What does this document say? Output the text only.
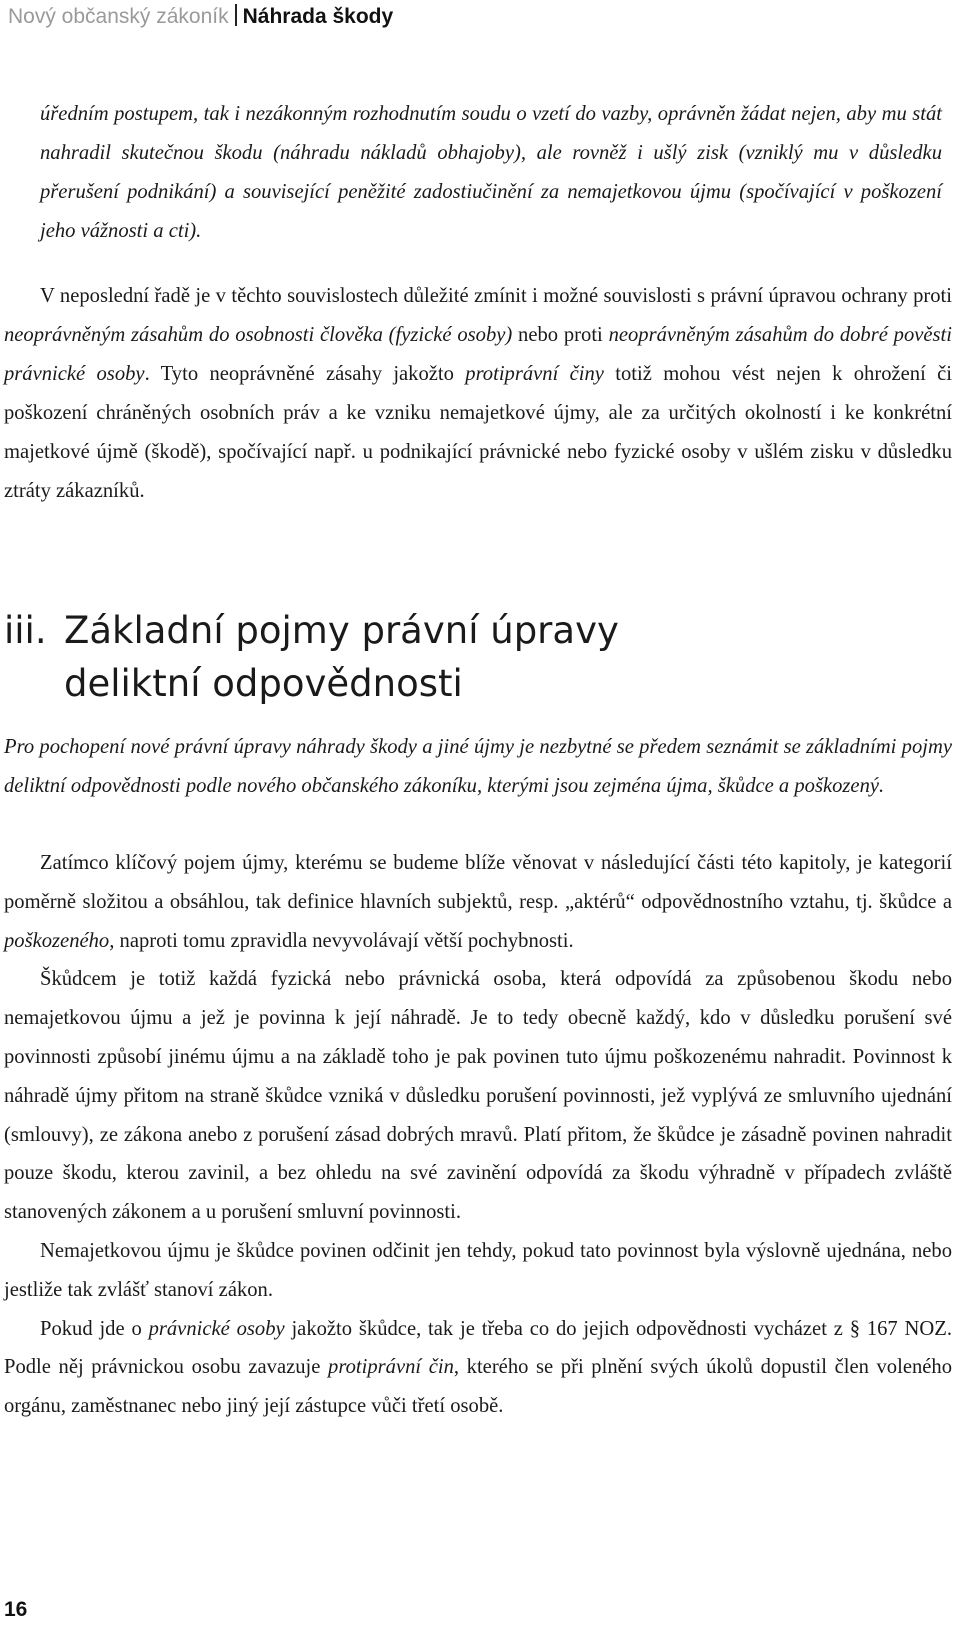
Nový občanský zákoník Náhrada škody

úředním postupem, tak i nezákonným rozhodnutím soudu o vzetí do vazby, oprávněn žádat nejen, aby mu stát nahradil skutečnou škodu (náhradu nákladů obhajoby), ale rovněž i ušlý zisk (vzniklý mu v důsledku přerušení podnikání) a související peněžité zadostiučinění za nemajetkovou újmu (spočívající v poškození jeho vážnosti a cti).

V neposlední řadě je v těchto souvislostech důležité zmínit i možné souvislosti s právní úpravou ochrany proti neoprávněným zásahům do osobnosti člověka (fyzické osoby) nebo proti neoprávněným zásahům do dobré pověsti právnické osoby. Tyto neoprávněné zásahy jakožto protiprávní činy totiž mohou vést nejen k ohrožení či poškození chráněných osobních práv a ke vzniku nemajetkové újmy, ale za určitých okolností i ke konkrétní majetkové újmě (škodě), spočívající např. u podnikající právnické nebo fyzické osoby v ušlém zisku v důsledku ztráty zákazníků.

iii. Základní pojmy právní úpravy
deliktní odpovědnosti

Pro pochopení nové právní úpravy náhrady škody a jiné újmy je nezbytné se předem seznámit se základními pojmy deliktní odpovědnosti podle nového občanského zákoníku, kterými jsou zejména újma, škůdce a poškozený.

Zatímco klíčový pojem újmy, kterému se budeme blíže věnovat v následující části této kapitoly, je kategorií poměrně složitou a obsáhlou, tak definice hlavních subjektů, resp. „aktérů“ odpovědnostního vztahu, tj. škůdce a poškozeného, naproti tomu zpravidla nevyvolávají větší pochybnosti.

Škůdcem je totiž každá fyzická nebo právnická osoba, která odpovídá za způsobenou škodu nebo nemajetkovou újmu a jež je povinna k její náhradě. Je to tedy obecně každý, kdo v důsledku porušení své povinnosti způsobí jinému újmu a na základě toho je pak povinen tuto újmu poškozenému nahradit. Povinnost k náhradě újmy přitom na straně škůdce vzniká v důsledku porušení povinnosti, jež vyplývá ze smluvního ujednání (smlouvy), ze zákona anebo z porušení zásad dobrých mravů. Platí přitom, že škůdce je zásadně povinen nahradit pouze škodu, kterou zavinil, a bez ohledu na své zavinění odpovídá za škodu výhradně v případech zvláště stanovených zákonem a u porušení smluvní povinnosti.

Nemajetkovou újmu je škůdce povinen odčinit jen tehdy, pokud tato povinnost byla výslovně ujednána, nebo jestliže tak zvlášť stanoví zákon.

Pokud jde o právnické osoby jakožto škůdce, tak je třeba co do jejich odpovědnosti vycházet z § 167 NOZ. Podle něj právnickou osobu zavazuje protiprávní čin, kterého se při plnění svých úkolů dopustil člen voleného orgánu, zaměstnanec nebo jiný její zástupce vůči třetí osobě.

16
